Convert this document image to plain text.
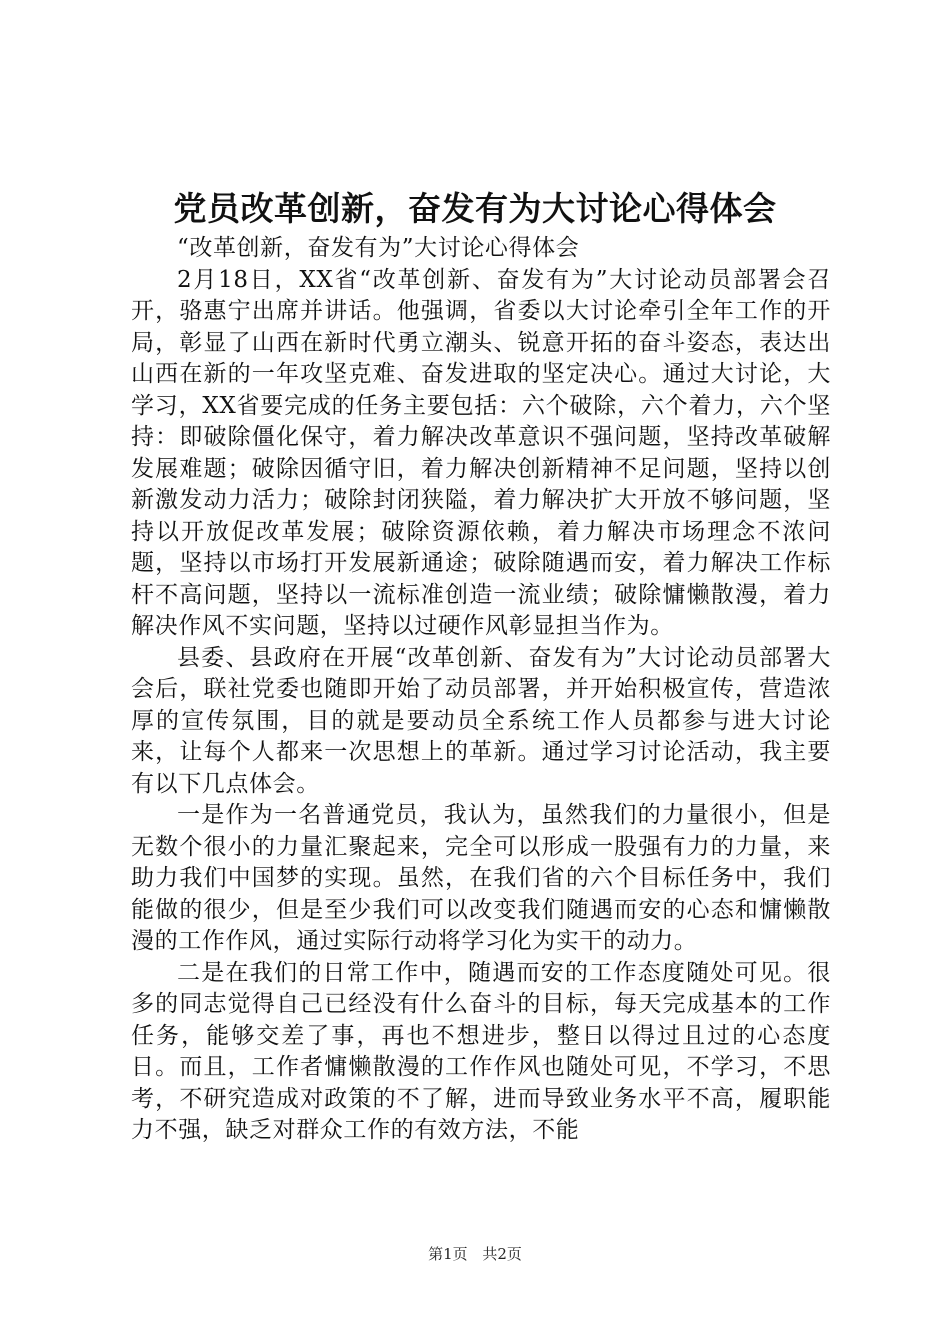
党员改革创新，奋发有为大讨论心得体会

“改革创新，奋发有为”大讨论心得体会

2月18日，XX省“改革创新、奋发有为”大讨论动员部署会召开，骆惠宁出席并讲话。他强调，省委以大讨论牵引全年工作的开局，彰显了山西在新时代勇立潮头、锐意开拓的奋斗姿态，表达出山西在新的一年攻坚克难、奋发进取的坚定决心。通过大讨论，大学习，XX省要完成的任务主要包括：六个破除，六个着力，六个坚持：即破除僵化保守，着力解决改革意识不强问题，坚持改革破解发展难题；破除因循守旧，着力解决创新精神不足问题，坚持以创新激发动力活力；破除封闭狭隘，着力解决扩大开放不够问题，坚持以开放促改革发展；破除资源依赖，着力解决市场理念不浓问题，坚持以市场打开发展新通途；破除随遇而安，着力解决工作标杆不高问题，坚持以一流标准创造一流业绩；破除慵懒散漫，着力解决作风不实问题，坚持以过硬作风彰显担当作为。

县委、县政府在开展“改革创新、奋发有为”大讨论动员部署大会后，联社党委也随即开始了动员部署，并开始积极宣传，营造浓厚的宣传氛围，目的就是要动员全系统工作人员都参与进大讨论来，让每个人都来一次思想上的革新。通过学习讨论活动，我主要有以下几点体会。

一是作为一名普通党员，我认为，虽然我们的力量很小，但是无数个很小的力量汇聚起来，完全可以形成一股强有力的力量，来助力我们中国梦的实现。虽然，在我们省的六个目标任务中，我们能做的很少，但是至少我们可以改变我们随遇而安的心态和慵懒散漫的工作作风，通过实际行动将学习化为实干的动力。

二是在我们的日常工作中，随遇而安的工作态度随处可见。很多的同志觉得自己已经没有什么奋斗的目标，每天完成基本的工作任务，能够交差了事，再也不想进步，整日以得过且过的心态度日。而且，工作者慵懒散漫的工作作风也随处可见，不学习，不思考，不研究造成对政策的不了解，进而导致业务水平不高，履职能力不强，缺乏对群众工作的有效方法，不能

第1页 共2页
